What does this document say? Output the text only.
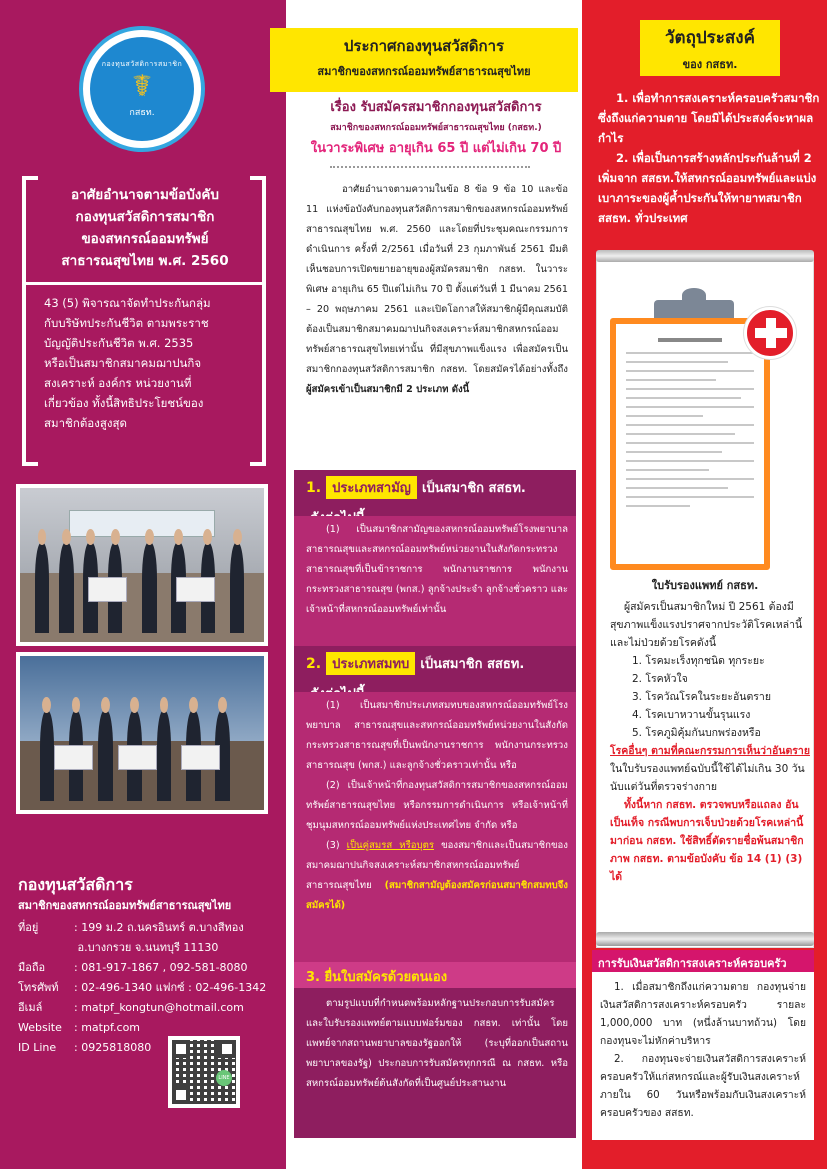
กองทุนสวัสดิการสมาชิก
☤
กสธท.
อาศัยอำนาจตามข้อบังคับ
กองทุนสวัสดิการสมาชิก
ของสหกรณ์ออมทรัพย์
สาธารณสุขไทย พ.ศ. 2560
43 (5) พิจารณาจัดทำประกันกลุ่ม
กับบริษัทประกันชีวิต ตามพระราช
บัญญัติประกันชีวิต พ.ศ. 2535
หรือเป็นสมาชิกสมาคมฌาปนกิจ
สงเคราะห์ องค์กร หน่วยงานที่
เกี่ยวข้อง ทั้งนี้สิทธิประโยชน์ของ
สมาชิกต้องสูงสุด
กองทุนสวัสดิการ
สมาชิกของสหกรณ์ออมทรัพย์สาธารณสุขไทย
ที่อยู่	: 199 ม.2 ถ.นครอินทร์ ต.บางสีทอง
อ.บางกรวย จ.นนทบุรี 11130
มือถือ	: 081-917-1867 , 092-581-8080
โทรศัพท์ : 02-496-1340 แฟกซ์ : 02-496-1342
อีเมล์	: matpf_kongtun@hotmail.com
Website : matpf.com
ID Line : 0925818080
LINE
ประกาศกองทุนสวัสดิการ
สมาชิกของสหกรณ์ออมทรัพย์สาธารณสุขไทย
เรื่อง รับสมัครสมาชิกกองทุนสวัสดิการ
สมาชิกของสหกรณ์ออมทรัพย์สาธารณสุขไทย (กสธท.)
ในวาระพิเศษ อายุเกิน 65 ปี แต่ไม่เกิน 70 ปี
อาศัยอำนาจตามความในข้อ 8 ข้อ 9 ข้อ 10 และข้อ 11 แห่งข้อบังคับกองทุนสวัสดิการสมาชิกของสหกรณ์ออมทรัพย์สาธารณสุขไทย พ.ศ. 2560 และโดยที่ประชุมคณะกรรมการดำเนินการ ครั้งที่ 2/2561 เมื่อวันที่ 23 กุมภาพันธ์ 2561 มีมติเห็นชอบการเปิดขยายอายุของผู้สมัครสมาชิก กสธท. ในวาระพิเศษ อายุเกิน 65 ปีแต่ไม่เกิน 70 ปี ตั้งแต่วันที่ 1 มีนาคม 2561 – 20 พฤษภาคม 2561 และเปิดโอกาสให้สมาชิกผู้มีคุณสมบัติ ต้องเป็นสมาชิกสมาคมฌาปนกิจสงเคราะห์สมาชิกสหกรณ์ออมทรัพย์สาธารณสุขไทยเท่านั้น ที่มีสุขภาพแข็งแรง เพื่อสมัครเป็นสมาชิกกองทุนสวัสดิการสมาชิก กสธท. โดยสมัครได้อย่างทั้งถึง ผู้สมัครเข้าเป็นสมาชิกมี 2 ประเภท ดังนี้
1. ประเภทสามัญ เป็นสมาชิก สสธท.
(1) เป็นสมาชิกสามัญของสหกรณ์ออมทรัพย์โรงพยาบาล สาธารณสุขและสหกรณ์ออมทรัพย์หน่วยงานในสังกัดกระทรวงสาธารณสุขที่เป็นข้าราชการ พนักงานราชการ พนักงานกระทรวงสาธารณสุข (พกส.) ลูกจ้างประจำ ลูกจ้างชั่วคราว และเจ้าหน้าที่สหกรณ์ออมทรัพย์เท่านั้น
2. ประเภทสมทบ เป็นสมาชิก สสธท.
(1) เป็นสมาชิกประเภทสมทบของสหกรณ์ออมทรัพย์โรงพยาบาล สาธารณสุขและสหกรณ์ออมทรัพย์หน่วยงานในสังกัดกระทรวงสาธารณสุขที่เป็นพนักงานราชการ พนักงานกระทรวงสาธารณสุข (พกส.) และลูกจ้างชั่วคราวเท่านั้น หรือ
(2) เป็นเจ้าหน้าที่กองทุนสวัสดิการสมาชิกของสหกรณ์ออมทรัพย์สาธารณสุขไทย หรือกรรมการดำเนินการ หรือเจ้าหน้าที่ชุมนุมสหกรณ์ออมทรัพย์แห่งประเทศไทย จำกัด หรือ
(3) เป็นคู่สมรส หรือบุตร ของสมาชิกและเป็นสมาชิกของสมาคมฌาปนกิจสงเคราะห์สมาชิกสหกรณ์ออมทรัพย์สาธารณสุขไทย (สมาชิกสามัญต้องสมัครก่อนสมาชิกสมทบจึงสมัครได้)
3. ยื่นใบสมัครด้วยตนเอง
ตามรูปแบบที่กำหนดพร้อมหลักฐานประกอบการรับสมัครและใบรับรองแพทย์ตามแบบฟอร์มของ กสธท. เท่านั้น โดยแพทย์จากสถานพยาบาลของรัฐออกให้ (ระบุที่ออกเป็นสถานพยาบาลของรัฐ) ประกอบการรับสมัครทุกกรณี ณ กสธท. หรือสหกรณ์ออมทรัพย์ต้นสังกัดที่เป็นศูนย์ประสานงาน
วัตถุประสงค์
ของ กสธท.

1. เพื่อทำการสงเคราะห์ครอบครัวสมาชิกซึ่งถึงแก่ความตาย โดยมิได้ประสงค์จะหาผลกำไร

2. เพื่อเป็นการสร้างหลักประกันล้านที่ 2 เพิ่มจาก สสธท.ให้สหกรณ์ออมทรัพย์และแบ่งเบาภาระของผู้ค้ำประกันให้ทายาทสมาชิก สสธท. ทั่วประเทศ

ใบรับรองแพทย์ กสธท.

ผู้สมัครเป็นสมาชิกใหม่ ปี 2561 ต้องมีสุขภาพแข็งแรงปราศจากประวัติโรคเหล่านี้และไม่ป่วยด้วยโรคดังนี้

1. โรคมะเร็งทุกชนิด ทุกระยะ
2. โรคหัวใจ
3. โรควัณโรคในระยะอันตราย
4. โรคเบาหวานขั้นรุนแรง
5. โรคภูมิคุ้มกันบกพร่องหรือ

โรคอื่นๆ ตามที่คณะกรรมการเห็นว่าอันตราย ในใบรับรองแพทย์ฉบับนี้ใช้ได้ไม่เกิน 30 วัน นับแต่วันที่ตรวจร่างกาย

ทั้งนี้หาก กสธท. ตรวจพบหรือแถลง อันเป็นเท็จ กรณีพบการเจ็บป่วยด้วยโรคเหล่านี้มาก่อน กสธท. ใช้สิทธิ์ตัดรายชื่อพ้นสมาชิกภาพ กสธท. ตามข้อบังคับ ข้อ 14 (1) (3) ได้

การรับเงินสวัสดิการสงเคราะห์ครอบครัว

1. เมื่อสมาชิกถึงแก่ความตาย กองทุนจ่ายเงินสวัสดิการสงเคราะห์ครอบครัว รายละ 1,000,000 บาท (หนึ่งล้านบาทถ้วน) โดยกองทุนจะไม่หักค่าบริหาร

2. กองทุนจะจ่ายเงินสวัสดิการสงเคราะห์ครอบครัวให้แก่สหกรณ์และผู้รับเงินสงเคราะห์ ภายใน 60 วันหรือพร้อมกับเงินสงเคราะห์ครอบครัวของ สสธท.
